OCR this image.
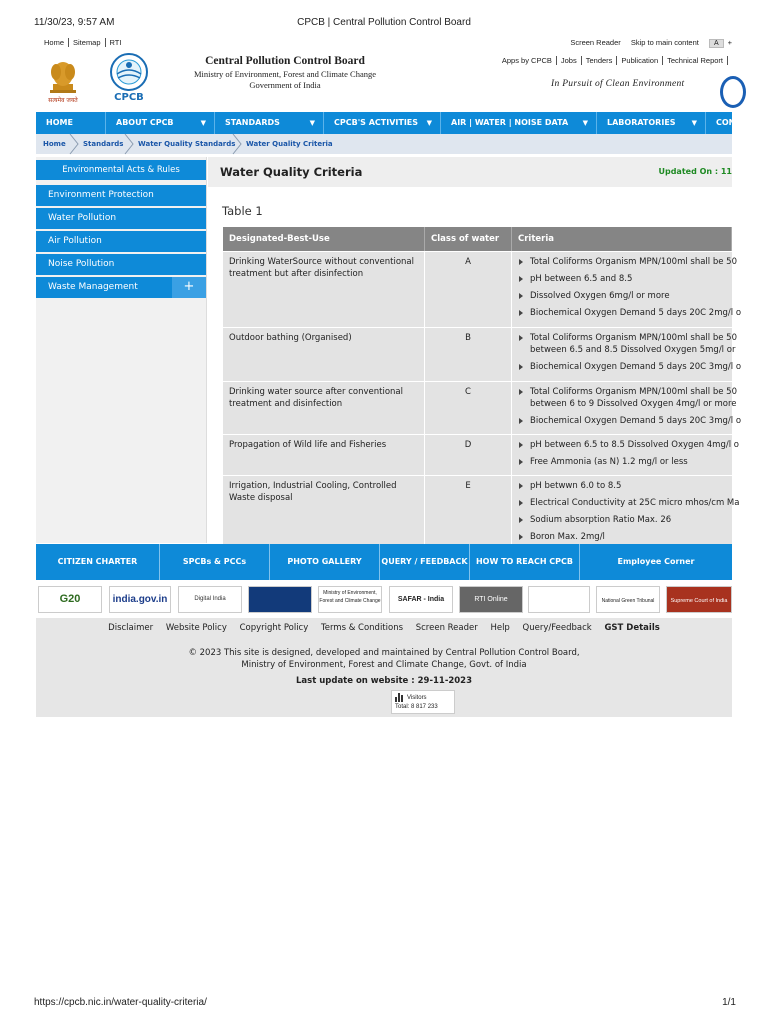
11/30/23, 9:57 AM	CPCB | Central Pollution Control Board
https://cpcb.nic.in/water-quality-criteria/	1/1
Home Sitemap RTI	Screen Reader Skip to main content A +
सत्यमेव जयते	CPCB
Central Pollution Control Board
Ministry of Environment, Forest and Climate Change
Government of India
Apps by CPCB Jobs Tenders Publication Technical Report
In Pursuit of Clean Environment
HOME	ABOUT CPCB	▼	STANDARDS	▼	CPCB'S ACTIVITIES ▼	AIR | WATER | NOISE DATA ▼	LABORATORIES ▼	CON
Home Standards Water Quality Standards Water Quality Criteria
Environmental Acts & Rules
Environment Protection
Water Pollution
Air Pollution
Noise Pollution
Waste Management	+
Water Quality Criteria	Updated On : 11
Table 1
Designated-Best-Use	Class of water	Criteria
Drinking WaterSource without conventional treatment but after disinfection
A	Total Coliforms Organism MPN/100ml shall be 50
pH between 6.5 and 8.5
Dissolved Oxygen 6mg/l or more
Biochemical Oxygen Demand 5 days 20C 2mg/l o
Outdoor bathing (Organised)	B	Total Coliforms Organism MPN/100ml shall be 50
between 6.5 and 8.5 Dissolved Oxygen 5mg/l or
Biochemical Oxygen Demand 5 days 20C 3mg/l o
Drinking water source after conventional treatment and disinfection
C	Total Coliforms Organism MPN/100ml shall be 50
between 6 to 9 Dissolved Oxygen 4mg/l or more
Biochemical Oxygen Demand 5 days 20C 3mg/l o
Propagation of Wild life and Fisheries	D	pH between 6.5 to 8.5 Dissolved Oxygen 4mg/l o
Free Ammonia (as N) 1.2 mg/l or less
Irrigation, Industrial Cooling, Controlled Waste disposal
E	pH betwwn 6.0 to 8.5
Electrical Conductivity at 25C micro mhos/cm Ma
Sodium absorption Ratio Max. 26
Boron Max. 2mg/l
CITIZEN CHARTER	SPCBs & PCCs	PHOTO GALLERY	QUERY / FEEDBACK	HOW TO REACH CPCB	Employee Corner
G20	india.gov.in	Digital India
Ministry of Environment, Forest and Climate Change	SAFAR - India	RTI Online	National Green Tribunal	Supreme Court of India
Disclaimer Website Policy Copyright Policy Terms & Conditions Screen Reader Help Query/Feedback GST Details
© 2023 This site is designed, developed and maintained by Central Pollution Control Board,
Ministry of Environment, Forest and Climate Change, Govt. of India
Last update on website : 29-11-2023
Visitors
Total: 8 817 233
